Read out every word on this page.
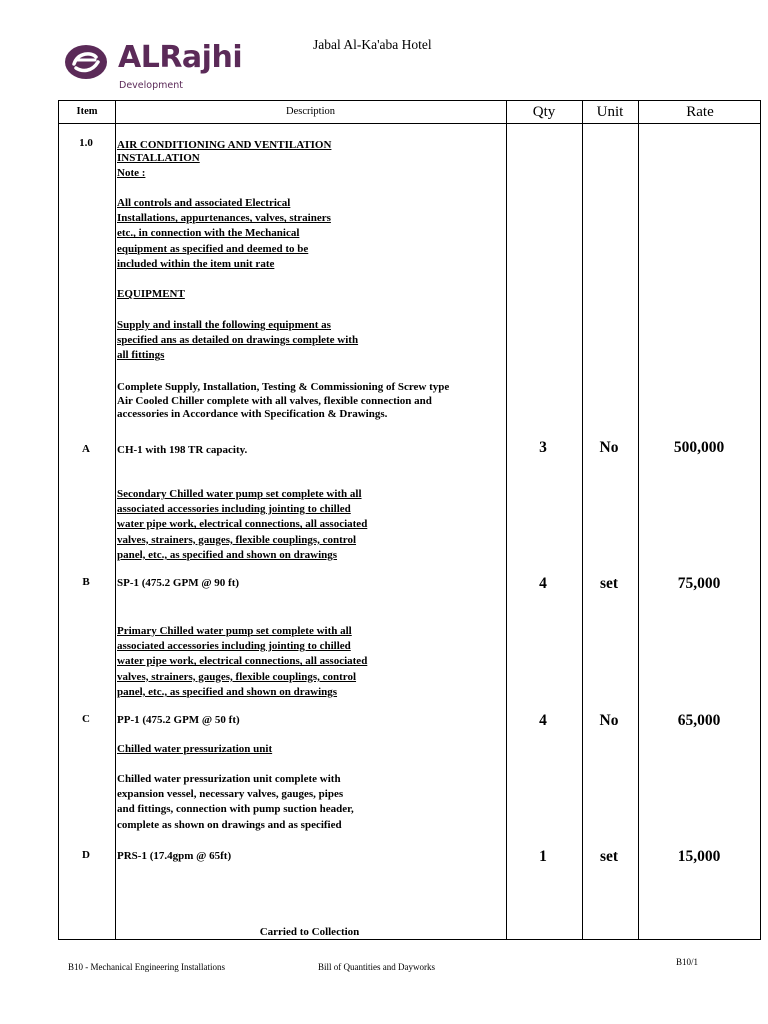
ALRajhi
Development
Jabal Al-Ka'aba Hotel
Item	Description	Qty	Unit	Rate
1.0	AIR CONDITIONING AND VENTILATION
INSTALLATION
Note :
All controls and associated Electrical
Installations, appurtenances, valves, strainers
etc., in connection with the Mechanical
equipment as specified and deemed to be
included within the item unit rate
EQUIPMENT
Supply and install the following equipment as
specified ans as detailed on drawings complete with
all fittings
Complete Supply, Installation, Testing & Commissioning of Screw type
Air Cooled Chiller complete with all valves, flexible connection and
accessories in Accordance with Specification & Drawings.
A	CH-1 with 198 TR capacity.	3	No	500,000
Secondary Chilled water pump set complete with all
associated accessories including jointing to chilled
water pipe work, electrical connections, all associated
valves, strainers, gauges, flexible couplings, control
panel, etc., as specified and shown on drawings
B	SP-1 (475.2 GPM @ 90 ft)	4	set	75,000
Primary Chilled water pump set complete with all
associated accessories including jointing to chilled
water pipe work, electrical connections, all associated
valves, strainers, gauges, flexible couplings, control
panel, etc., as specified and shown on drawings
C	PP-1 (475.2 GPM @ 50 ft)	4	No	65,000
Chilled water pressurization unit
Chilled water pressurization unit complete with
expansion vessel, necessary valves, gauges, pipes
and fittings, connection with pump suction header,
complete as shown on drawings and as specified
D	PRS-1 (17.4gpm @ 65ft)	1	set	15,000
Carried to Collection
B10 - Mechanical Engineering Installations	Bill of Quantities and Dayworks	B10/1
